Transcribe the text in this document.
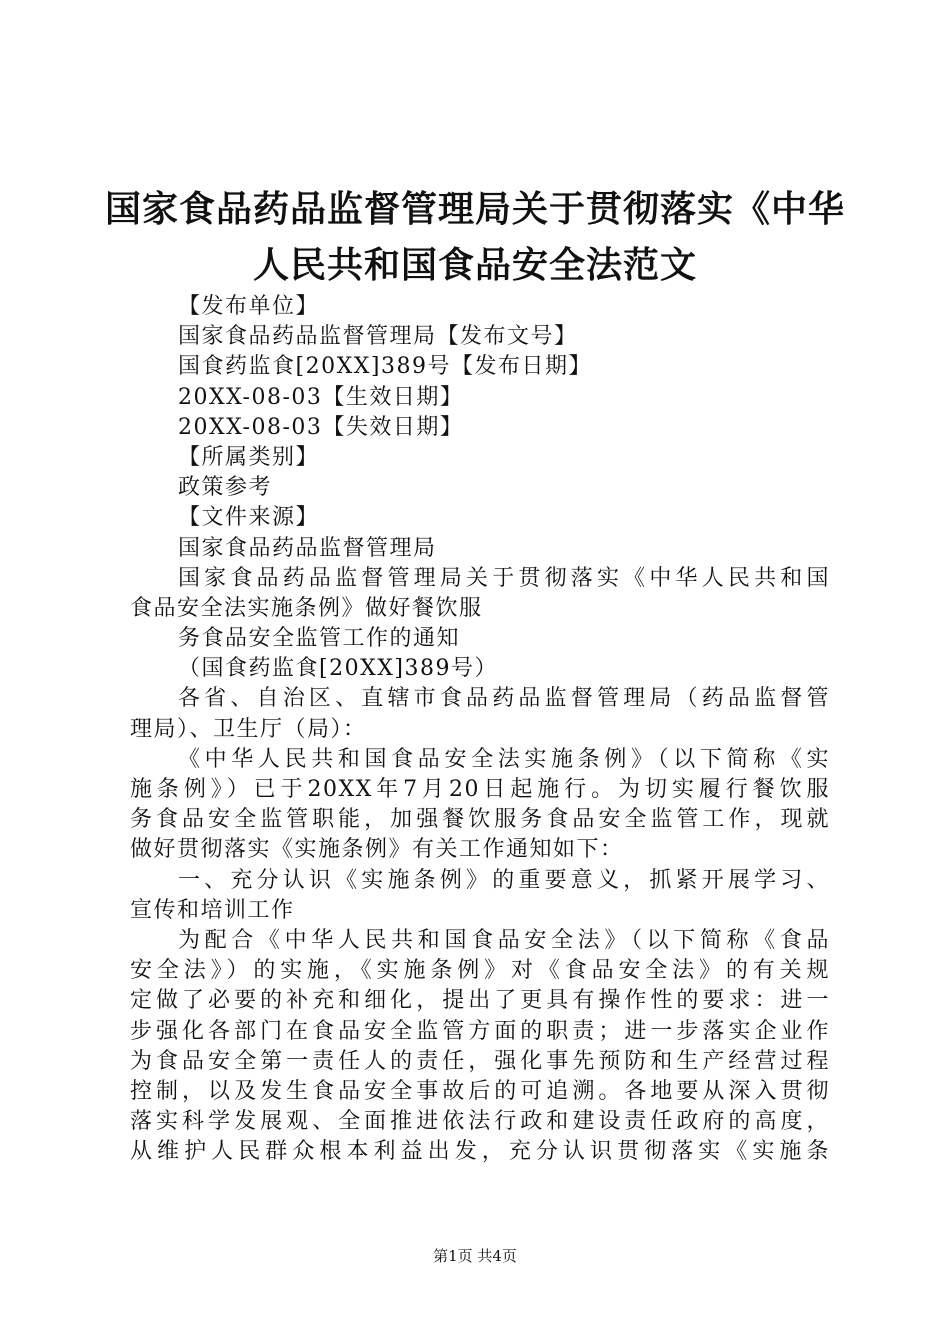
国家食品药品监督管理局关于贯彻落实《中华
人民共和国食品安全法范文
【发布单位】
国家食品药品监督管理局【发布文号】
国食药监食[20XX]389号【发布日期】
20XX-08-03【生效日期】
20XX-08-03【失效日期】
【所属类别】
政策参考
【文件来源】
国家食品药品监督管理局
国家食品药品监督管理局关于贯彻落实《中华人民共和国
食品安全法实施条例》做好餐饮服
务食品安全监管工作的通知
（国食药监食[20XX]389号）
各省、自治区、直辖市食品药品监督管理局（药品监督管
理局）、卫生厅（局）：
《中华人民共和国食品安全法实施条例》（以下简称《实
施条例》）已于20XX年7月20日起施行。为切实履行餐饮服
务食品安全监管职能，加强餐饮服务食品安全监管工作，现就
做好贯彻落实《实施条例》有关工作通知如下：
一、充分认识《实施条例》的重要意义，抓紧开展学习、
宣传和培训工作
为配合《中华人民共和国食品安全法》（以下简称《食品
安全法》）的实施，《实施条例》对《食品安全法》的有关规
定做了必要的补充和细化，提出了更具有操作性的要求：进一
步强化各部门在食品安全监管方面的职责；进一步落实企业作
为食品安全第一责任人的责任，强化事先预防和生产经营过程
控制，以及发生食品安全事故后的可追溯。各地要从深入贯彻
落实科学发展观、全面推进依法行政和建设责任政府的高度，
从维护人民群众根本利益出发，充分认识贯彻落实《实施条
第1页 共4页
